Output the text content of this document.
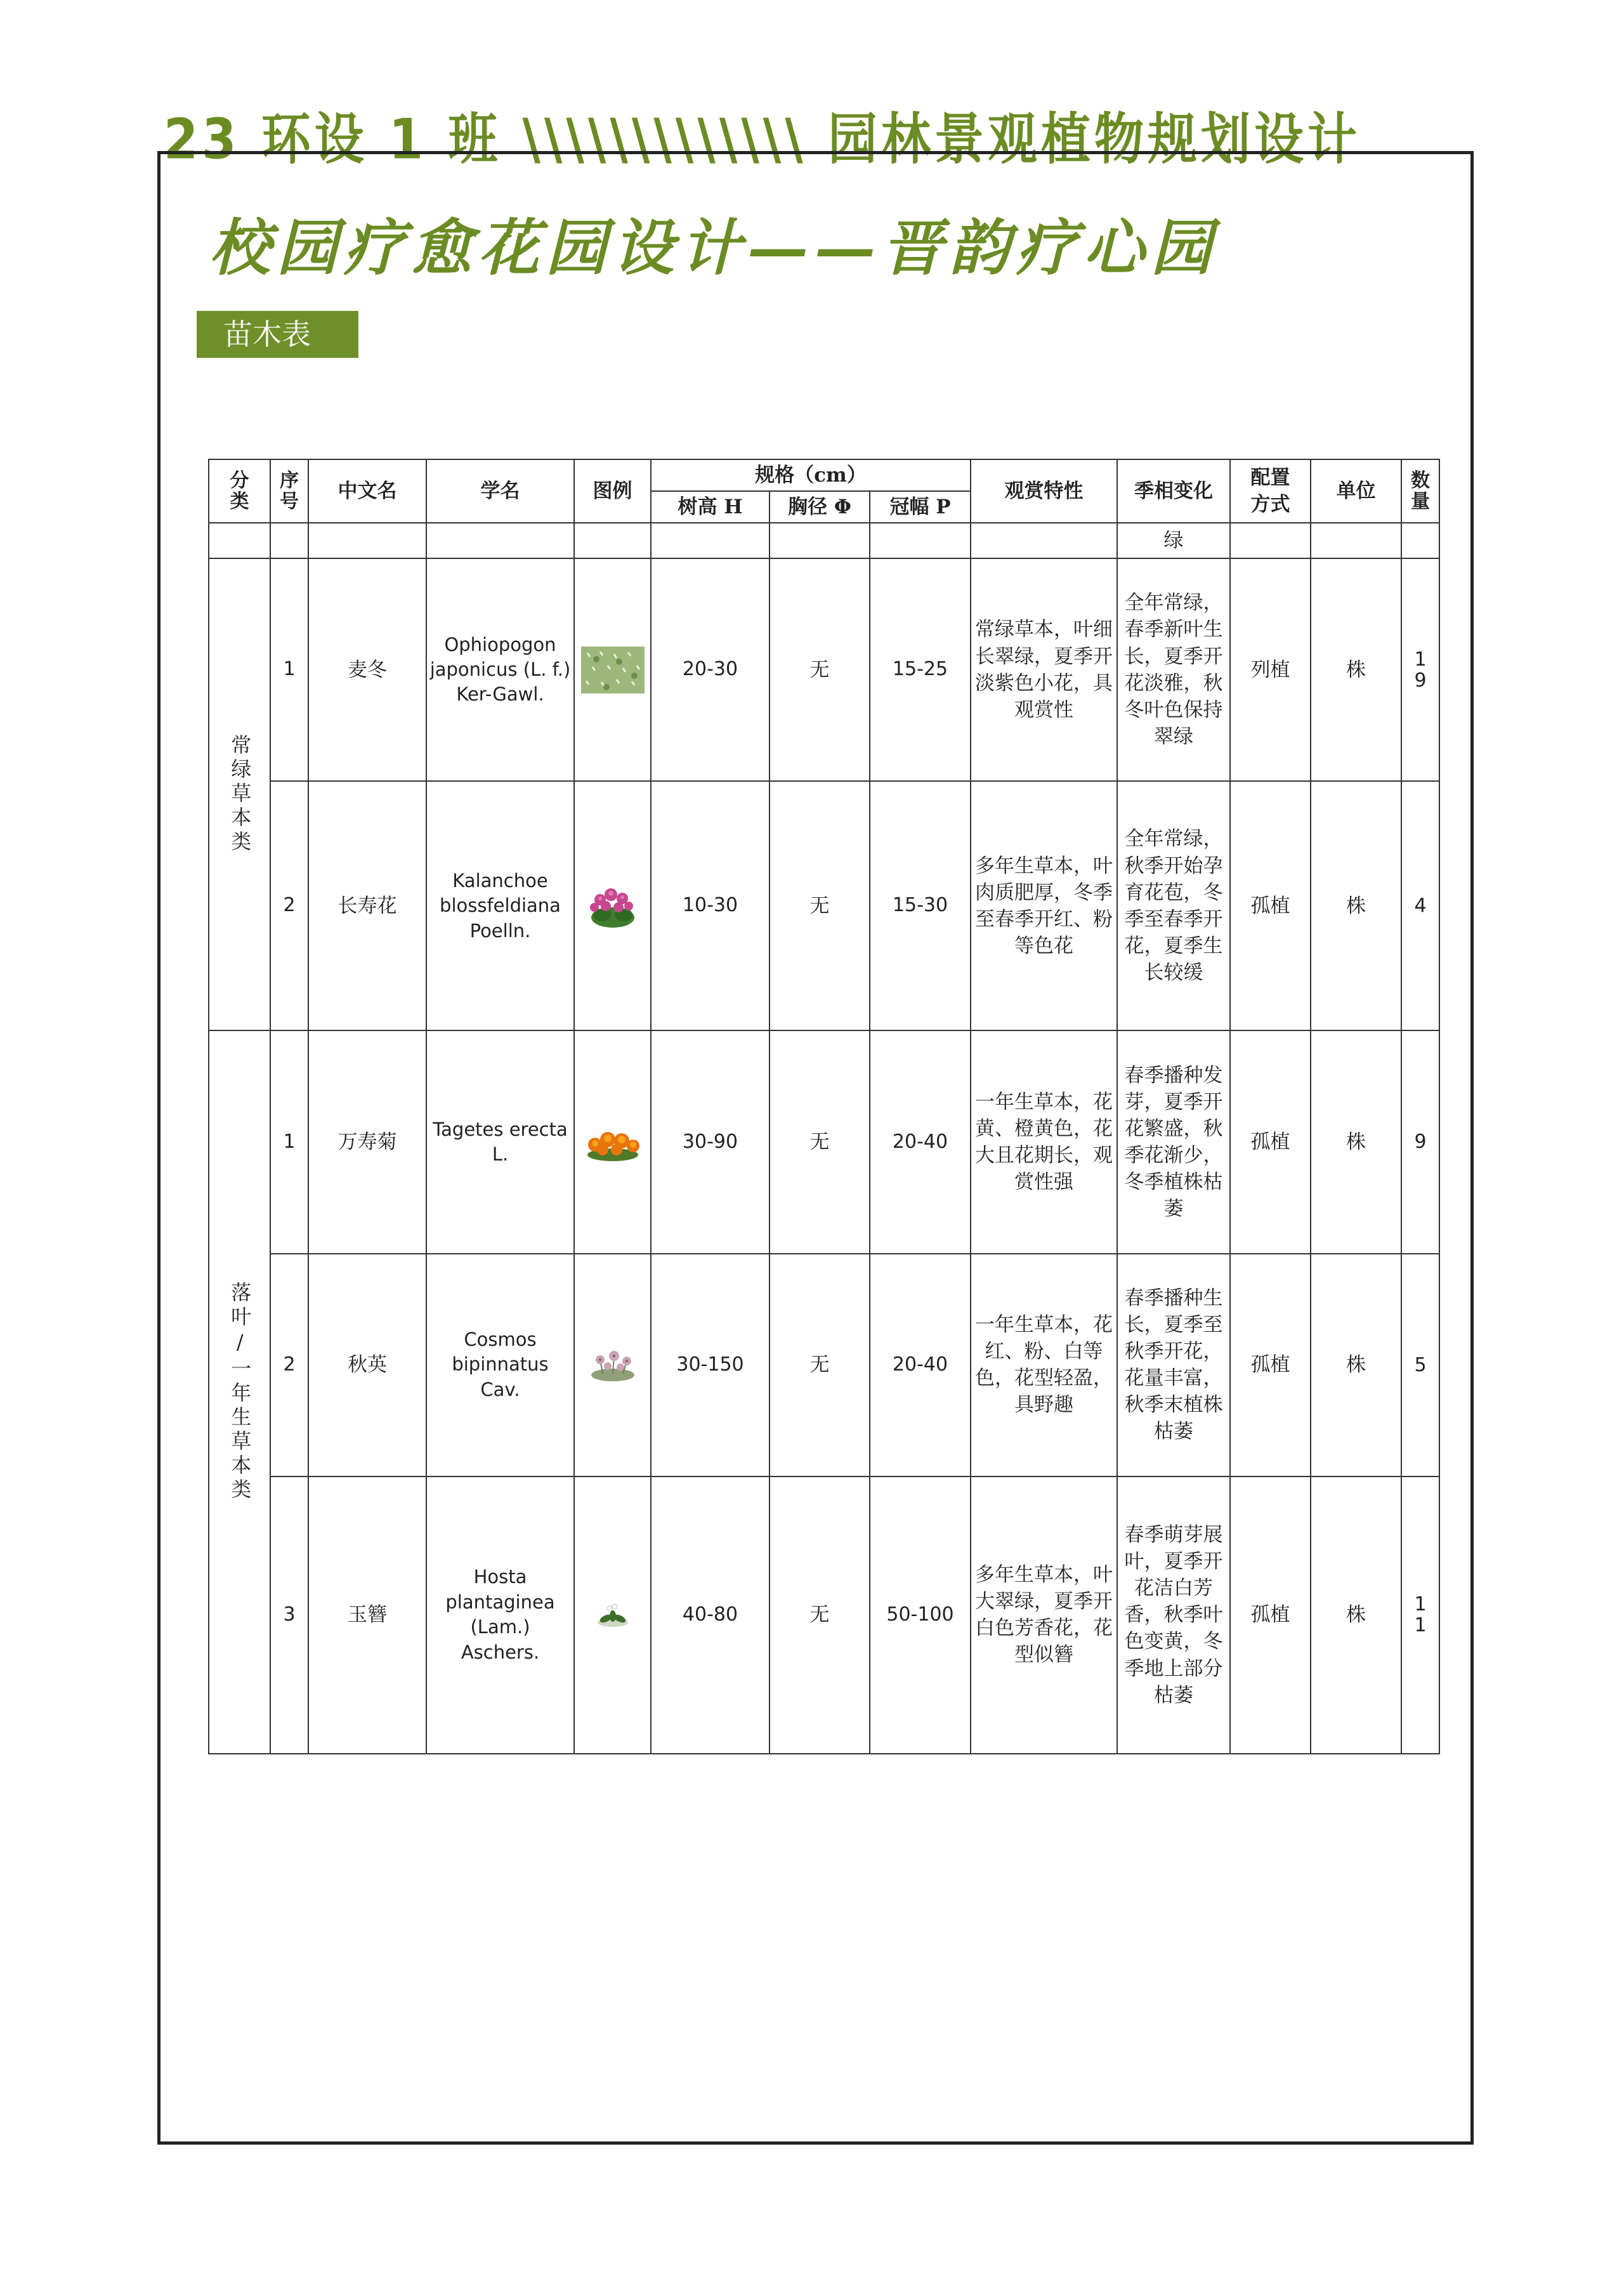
23 环设 1 班 \\\\\\\\\\\\\ 园林景观植物规划设计
校园疗愈花园设计——晋韵疗心园
苗木表
分类	序号	中文名	学名	图例	规格（cm）			观赏特性	季相变化	配置方式	单位	数量

					树高 H	胸径 Φ	冠幅 P					
									绿			

常绿草本类	1	麦冬	Ophiopogon japonicus (L. f.) Ker-Gawl.		20-30	无	15-25	常绿草本，叶细长翠绿，夏季开淡紫色小花，具观赏性	全年常绿，春季新叶生长，夏季开花淡雅，秋冬叶色保持翠绿	列植	株	19

	2	长寿花	Kalanchoe blossfeldiana Poelln.		10-30	无	15-30	多年生草本，叶肉质肥厚，冬季至春季开红、粉等色花	全年常绿，秋季开始孕育花苞，冬季至春季开花，夏季生长较缓	孤植	株	4

落叶/一年生草本类	1	万寿菊	Tagetes erecta L.		30-90	无	20-40	一年生草本，花黄、橙黄色，花大且花期长，观赏性强	春季播种发芽，夏季开花繁盛，秋季花渐少，冬季植株枯萎	孤植	株	9

	2	秋英	Cosmos bipinnatus Cav.		30-150	无	20-40	一年生草本，花红、粉、白等色，花型轻盈，具野趣	春季播种生长，夏季至秋季开花，花量丰富，秋季末植株枯萎	孤植	株	5

	3	玉簪	Hosta plantaginea (Lam.) Aschers.		40-80	无	50-100	多年生草本，叶大翠绿，夏季开白色芳香花，花型似簪	春季萌芽展叶，夏季开花洁白芳香，秋季叶色变黄，冬季地上部分枯萎	孤植	株	11
